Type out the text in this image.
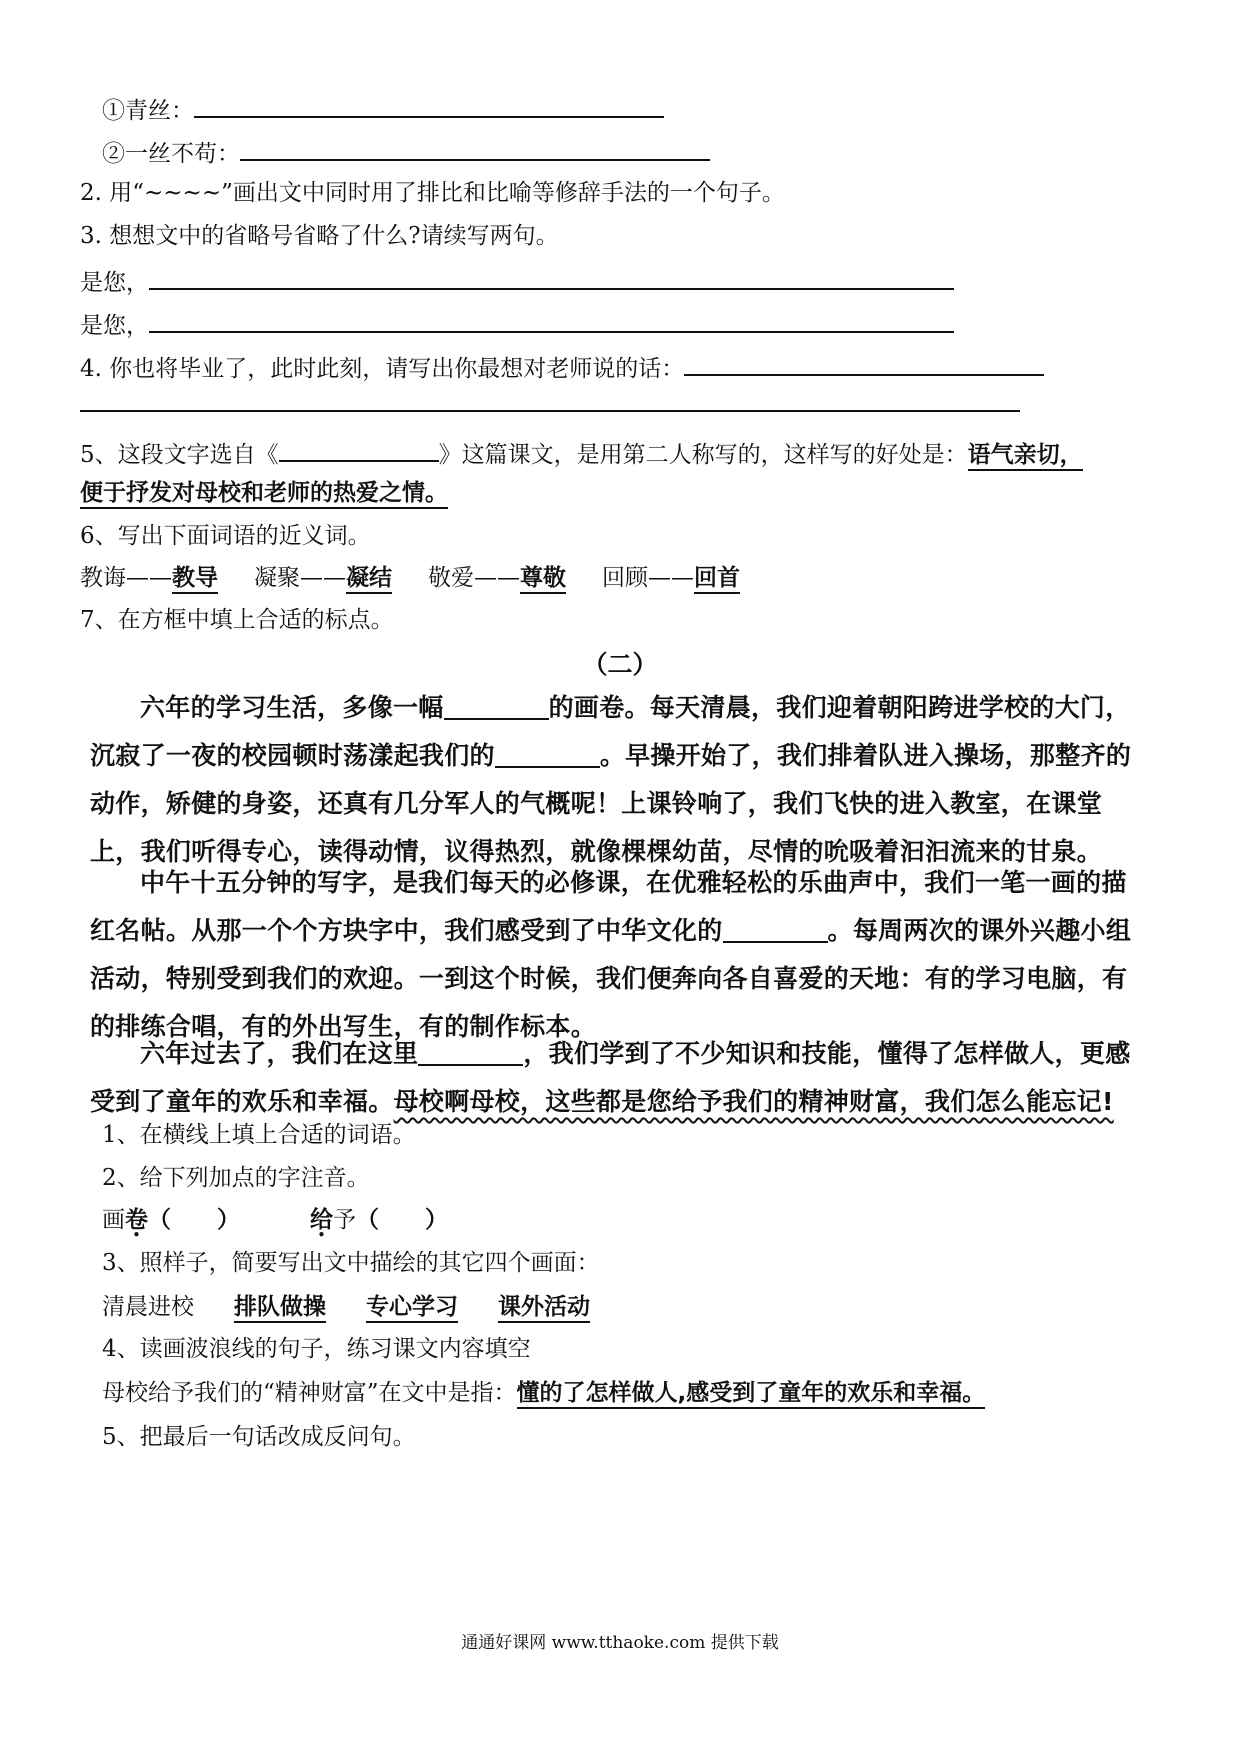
①青丝：
②一丝不苟：
2. 用“~~~~”画出文中同时用了排比和比喻等修辞手法的一个句子。
3. 想想文中的省略号省略了什么?请续写两句。
是您，
是您，
4. 你也将毕业了，此时此刻，请写出你最想对老师说的话：
5、这段文字选自《	》这篇课文，是用第二人称写的，这样写的好处是：语气亲切，
便于抒发对母校和老师的热爱之情。
6、写出下面词语的近义词。
教诲——教导 凝聚——凝结 敬爱——尊敬 回顾——回首
7、在方框中填上合适的标点。
（二）
六年的学习生活，多像一幅	的画卷。每天清晨，我们迎着朝阳跨进学校的大门，沉寂了一夜的校园顿时荡漾起我们的	。早操开始了，我们排着队进入操场，那整齐的动作，矫健的身姿，还真有几分军人的气概呢！上课铃响了，我们飞快的进入教室，在课堂上，我们听得专心，读得动情，议得热烈，就像棵棵幼苗，尽情的吮吸着汩汩流来的甘泉。
中午十五分钟的写字，是我们每天的必修课，在优雅轻松的乐曲声中，我们一笔一画的描红名帖。从那一个个方块字中，我们感受到了中华文化的	。每周两次的课外兴趣小组活动，特别受到我们的欢迎。一到这个时候，我们便奔向各自喜爱的天地：有的学习电脑，有的排练合唱，有的外出写生，有的制作标本。
六年过去了，我们在这里	，我们学到了不少知识和技能，懂得了怎样做人，更感受到了童年的欢乐和幸福。母校啊母校，这些都是您给予我们的精神财富，我们怎么能忘记!
1、在横线上填上合适的词语。
2、给下列加点的字注音。
画卷（　　）	给予（　　）
3、照样子，简要写出文中描绘的其它四个画面：
清晨进校 排队做操 专心学习 课外活动
4、读画波浪线的句子，练习课文内容填空
母校给予我们的“精神财富”在文中是指：懂的了怎样做人,感受到了童年的欢乐和幸福。
5、把最后一句话改成反问句。
通通好课网 www.tthaoke.com 提供下载
